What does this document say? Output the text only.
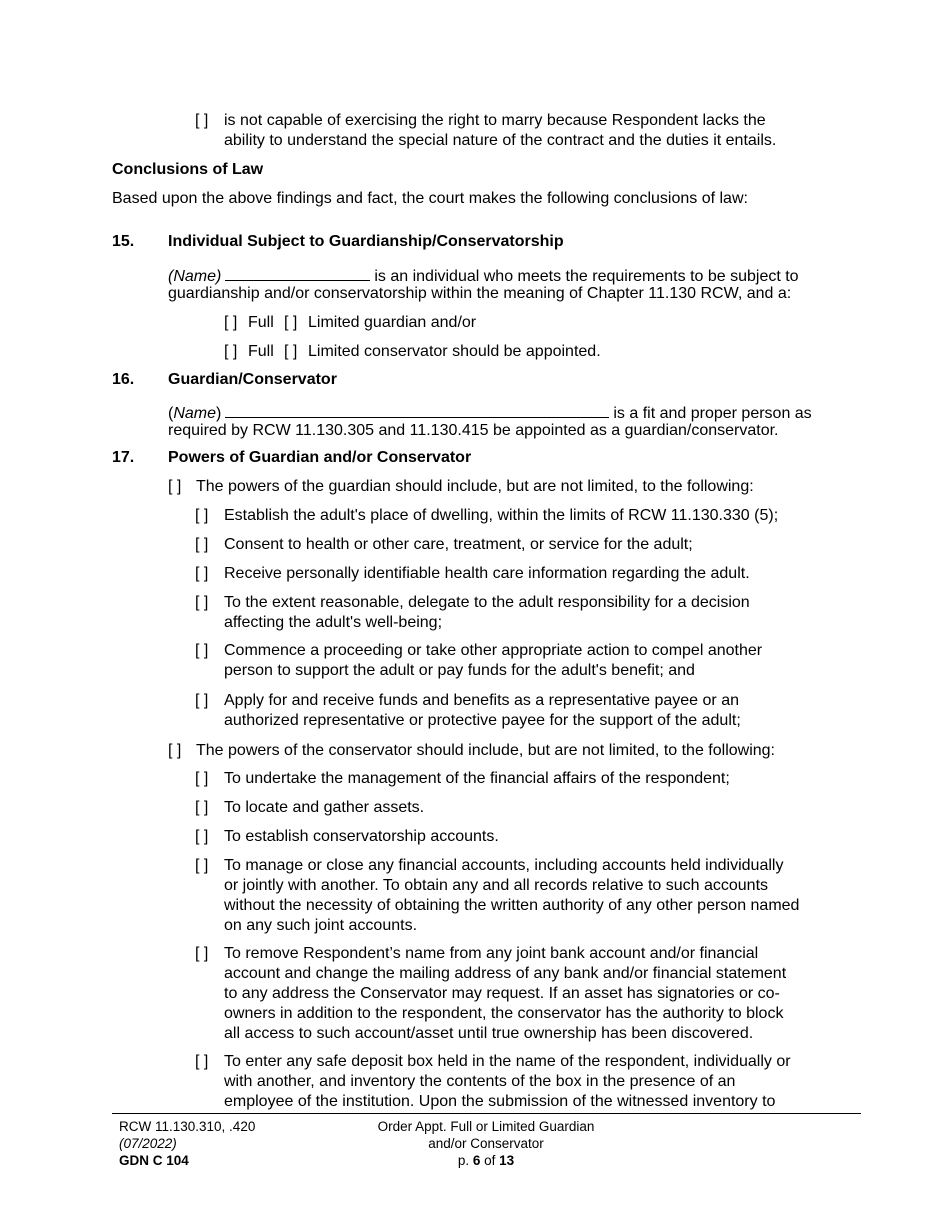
[ ] is not capable of exercising the right to marry because Respondent lacks the
ability to understand the special nature of the contract and the duties it entails.
Conclusions of Law
Based upon the above findings and fact, the court makes the following conclusions of law:
15. Individual Subject to Guardianship/Conservatorship
(Name)	is an individual who meets the requirements to be subject to
guardianship and/or conservatorship within the meaning of Chapter 11.130 RCW, and a:
[ ] Full [ ] Limited guardian and/or
[ ] Full [ ] Limited conservator should be appointed.
16. Guardian/Conservator
(Name)	is a fit and proper person as
required by RCW 11.130.305 and 11.130.415 be appointed as a guardian/conservator.
17. Powers of Guardian and/or Conservator
[ ] The powers of the guardian should include, but are not limited, to the following:
[ ] Establish the adult's place of dwelling, within the limits of RCW 11.130.330 (5);
[ ] Consent to health or other care, treatment, or service for the adult;
[ ] Receive personally identifiable health care information regarding the adult.
[ ] To the extent reasonable, delegate to the adult responsibility for a decision
affecting the adult's well-being;
[ ] Commence a proceeding or take other appropriate action to compel another
person to support the adult or pay funds for the adult's benefit; and
[ ] Apply for and receive funds and benefits as a representative payee or an
authorized representative or protective payee for the support of the adult;
[ ] The powers of the conservator should include, but are not limited, to the following:
[ ] To undertake the management of the financial affairs of the respondent;
[ ] To locate and gather assets.
[ ] To establish conservatorship accounts.
[ ] To manage or close any financial accounts, including accounts held individually
or jointly with another. To obtain any and all records relative to such accounts
without the necessity of obtaining the written authority of any other person named
on any such joint accounts.
[ ] To remove Respondent’s name from any joint bank account and/or financial
account and change the mailing address of any bank and/or financial statement
to any address the Conservator may request. If an asset has signatories or co-
owners in addition to the respondent, the conservator has the authority to block
all access to such account/asset until true ownership has been discovered.
[ ] To enter any safe deposit box held in the name of the respondent, individually or
with another, and inventory the contents of the box in the presence of an
employee of the institution. Upon the submission of the witnessed inventory to
RCW 11.130.310, .420
(07/2022)
GDN C 104
Order Appt. Full or Limited Guardian
and/or Conservator
p. 6 of 13
